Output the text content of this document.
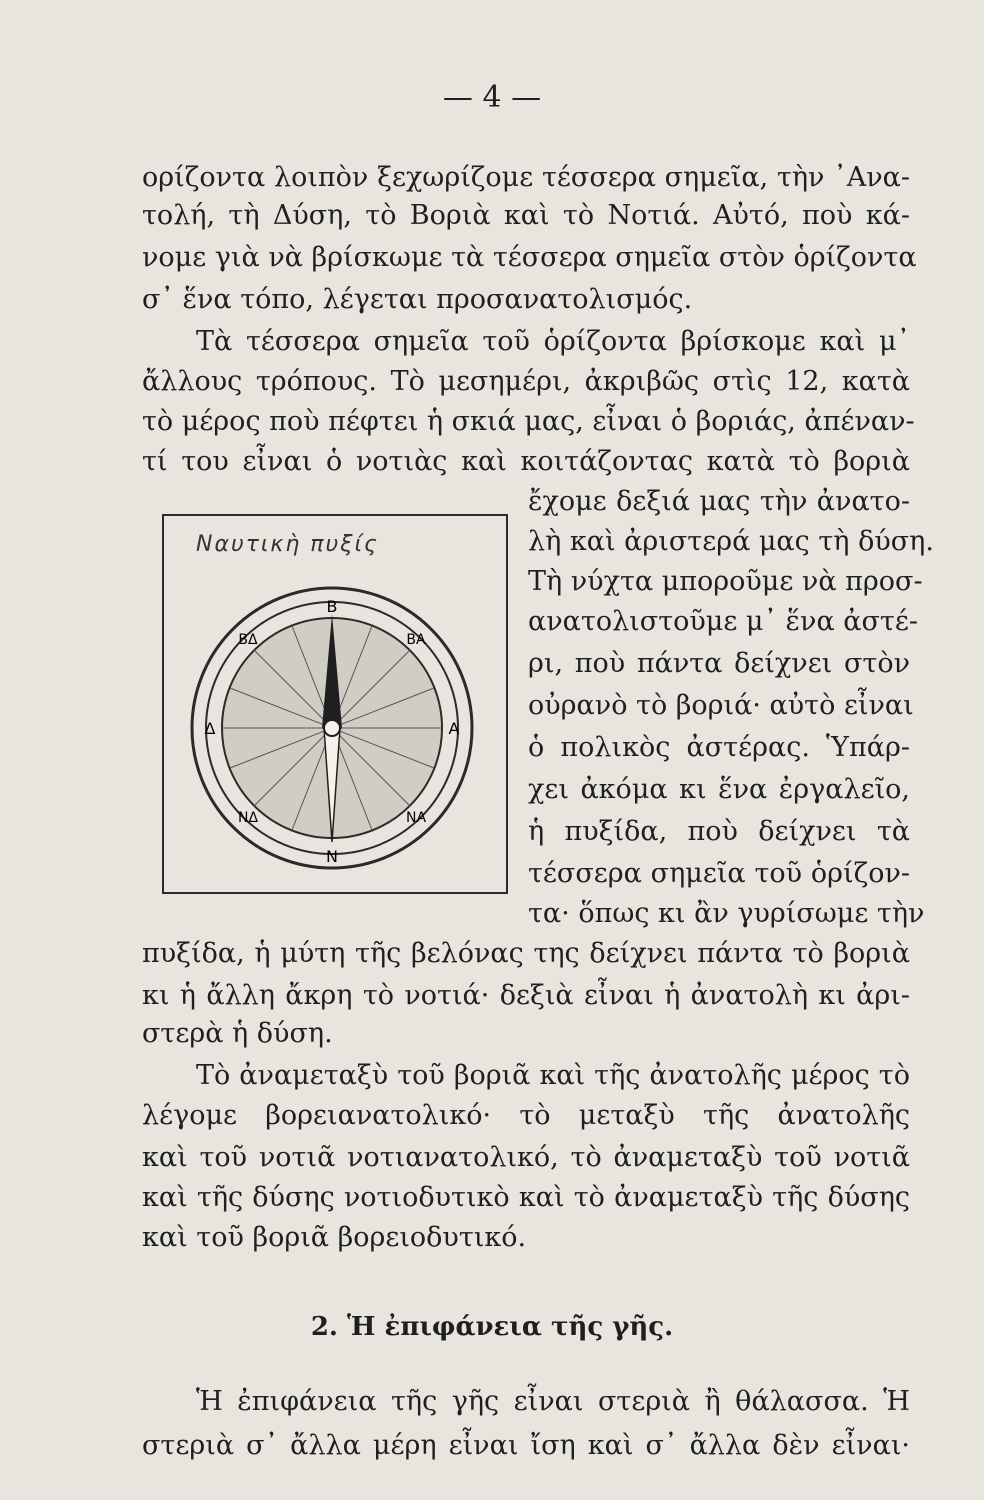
— 4 —
ορίζοντα λοιπὸν ξεχωρίζομε τέσσερα σημεῖα, τὴν ᾿Ανα-
τολή, τὴ Δύση, τὸ Βοριὰ καὶ τὸ Νοτιά. Αὐτό, ποὺ κά-
νομε γιὰ νὰ βρίσκωμε τὰ τέσσερα σημεῖα στὸν ὁρίζοντα
σ᾿ ἕνα τόπο, λέγεται προσανατολισμός.
Τὰ τέσσερα σημεῖα τοῦ ὁρίζοντα βρίσκομε καὶ μ᾿
ἄλλους τρόπους. Τὸ μεσημέρι, ἀκριβῶς στὶς 12, κατὰ
τὸ μέρος ποὺ πέφτει ἡ σκιά μας, εἶναι ὁ βοριάς, ἀπέναν-
τί του εἶναι ὁ νοτιὰς καὶ κοιτάζοντας κατὰ τὸ βοριὰ
ἔχομε δεξιά μας τὴν ἀνατο-
λὴ καὶ ἀριστερά μας τὴ δύση.
Τὴ νύχτα μποροῦμε νὰ προσ-
ανατολιστοῦμε μ᾿ ἕνα ἀστέ-
ρι, ποὺ πάντα δείχνει στὸν
οὐρανὸ τὸ βοριά· αὐτὸ εἶναι
ὁ πολικὸς ἀστέρας. Ὑπάρ-
χει ἀκόμα κι ἕνα ἐργαλεῖο,
ἡ πυξίδα, ποὺ δείχνει τὰ
τέσσερα σημεῖα τοῦ ὁρίζον-
τα· ὅπως κι ἂν γυρίσωμε τὴν
Ναυτικὴ πυξίς
Β
Ν
Α
Δ
ΒΑ
ΒΔ
ΝΑ
ΝΔ
πυξίδα, ἡ μύτη τῆς βελόνας της δείχνει πάντα τὸ βοριὰ
κι ἡ ἄλλη ἄκρη τὸ νοτιά· δεξιὰ εἶναι ἡ ἀνατολὴ κι ἀρι-
στερὰ ἡ δύση.
Τὸ ἀναμεταξὺ τοῦ βοριᾶ καὶ τῆς ἀνατολῆς μέρος τὸ
λέγομε βορειανατολικό· τὸ μεταξὺ τῆς ἀνατολῆς
καὶ τοῦ νοτιᾶ νοτιανατολικό, τὸ ἀναμεταξὺ τοῦ νοτιᾶ
καὶ τῆς δύσης νοτιοδυτικὸ καὶ τὸ ἀναμεταξὺ τῆς δύσης
καὶ τοῦ βοριᾶ βορειοδυτικό.
2. Ἡ ἐπιφάνεια τῆς γῆς.
Ἡ ἐπιφάνεια τῆς γῆς εἶναι στεριὰ ἢ θάλασσα. Ἡ
στεριὰ σ᾿ ἄλλα μέρη εἶναι ἴση καὶ σ᾿ ἄλλα δὲν εἶναι·
